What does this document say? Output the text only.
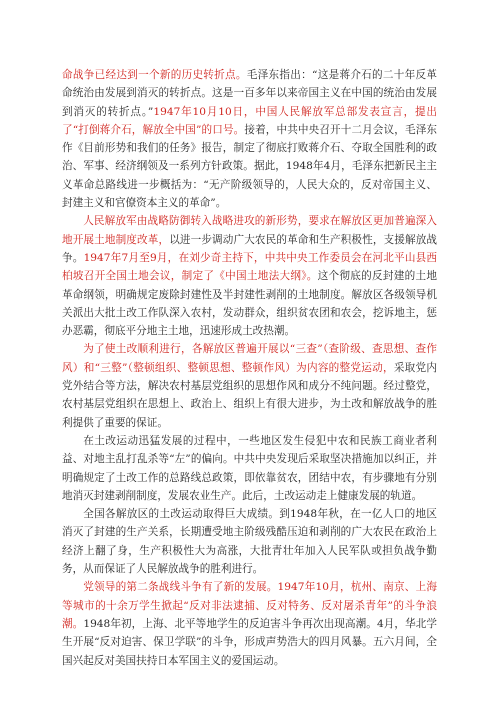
命战争已经达到一个新的历史转折点。毛泽东指出：“这是蒋介石的二十年反革命统治由发展到消灭的转折点。这是一百多年以来帝国主义在中国的统治由发展到消灭的转折点。”1947年10月10日，中国人民解放军总部发表宣言，提出了“打倒蒋介石，解放全中国”的口号。接着，中共中央召开十二月会议，毛泽东作《目前形势和我们的任务》报告，制定了彻底打败蒋介石、夺取全国胜利的政治、军事、经济纲领及一系列方针政策。据此，1948年4月，毛泽东把新民主主义革命总路线进一步概括为：“无产阶级领导的，人民大众的，反对帝国主义、封建主义和官僚资本主义的革命”。

人民解放军由战略防御转入战略进攻的新形势，要求在解放区更加普遍深入地开展土地制度改革，以进一步调动广大农民的革命和生产积极性，支援解放战争。1947年7月至9月，在刘少奇主持下，中共中央工作委员会在河北平山县西柏坡召开全国土地会议，制定了《中国土地法大纲》。这个彻底的反封建的土地革命纲领，明确规定废除封建性及半封建性剥削的土地制度。解放区各级领导机关派出大批土改工作队深入农村，发动群众，组织贫农团和农会，挖诉地主，惩办恶霸，彻底平分地主土地，迅速形成土改热潮。

为了使土改顺利进行，各解放区普遍开展以“三查”（查阶级、查思想、查作风）和“三整”（整顿组织、整顿思想、整顿作风）为内容的整党运动，采取党内党外结合等方法，解决农村基层党组织的思想作风和成分不纯问题。经过整党，农村基层党组织在思想上、政治上、组织上有很大进步，为土改和解放战争的胜利提供了重要的保证。

在土改运动迅猛发展的过程中，一些地区发生侵犯中农和民族工商业者利益、对地主乱打乱杀等“左”的偏向。中共中央发现后采取坚决措施加以纠正，并明确规定了土改工作的总路线总政策，即依靠贫农，团结中农，有步骤地有分别地消灭封建剥削制度，发展农业生产。此后，土改运动走上健康发展的轨道。

全国各解放区的土改运动取得巨大成绩。到1948年秋，在一亿人口的地区消灭了封建的生产关系，长期遭受地主阶级残酷压迫和剥削的广大农民在政治上经济上翻了身，生产积极性大为高涨，大批青壮年加入人民军队或担负战争勤务，从而保证了人民解放战争的胜利进行。

党领导的第二条战线斗争有了新的发展。1947年10月，杭州、南京、上海等城市的十余万学生掀起“反对非法逮捕、反对特务、反对屠杀青年”的斗争浪潮。1948年初，上海、北平等地学生的反迫害斗争再次出现高潮。4月，华北学生开展“反对迫害、保卫学联”的斗争，形成声势浩大的四月风暴。五六月间，全国兴起反对美国扶持日本军国主义的爱国运动。
